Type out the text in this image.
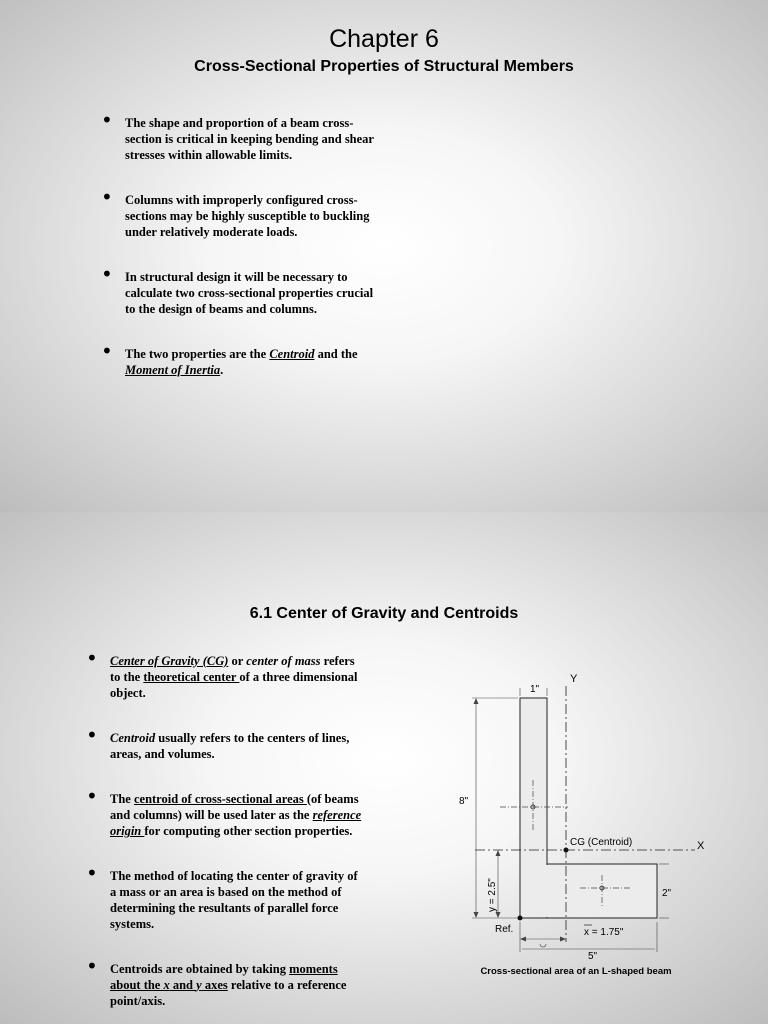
Chapter 6
Cross-Sectional Properties of Structural Members
• The shape and proportion of a beam cross-
section is critical in keeping bending and shear
stresses within allowable limits.
• Columns with improperly configured cross-
sections may be highly susceptible to buckling
under relatively moderate loads.
• In structural design it will be necessary to
calculate two cross-sectional properties crucial
to the design of beams and columns.
• The two properties are the Centroid and the
Moment of Inertia.

6.1 Center of Gravity and Centroids
• Center of Gravity (CG) or center of mass refers
to the theoretical center of a three dimensional
object.
• Centroid usually refers to the centers of lines,
areas, and volumes.
• The centroid of cross-sectional areas (of beams
and columns) will be used later as the reference
origin for computing other section properties.
• The method of locating the center of gravity of
a mass or an area is based on the method of
determining the resultants of parallel force
systems.
• Centroids are obtained by taking moments
about the x and y axes relative to a reference
point/axis.
Y
X
CG (Centroid)
1"
8"
y = 2.5"	2"
Ref.	x = 1.75"
5"
Cross-sectional area of an L-shaped beam
